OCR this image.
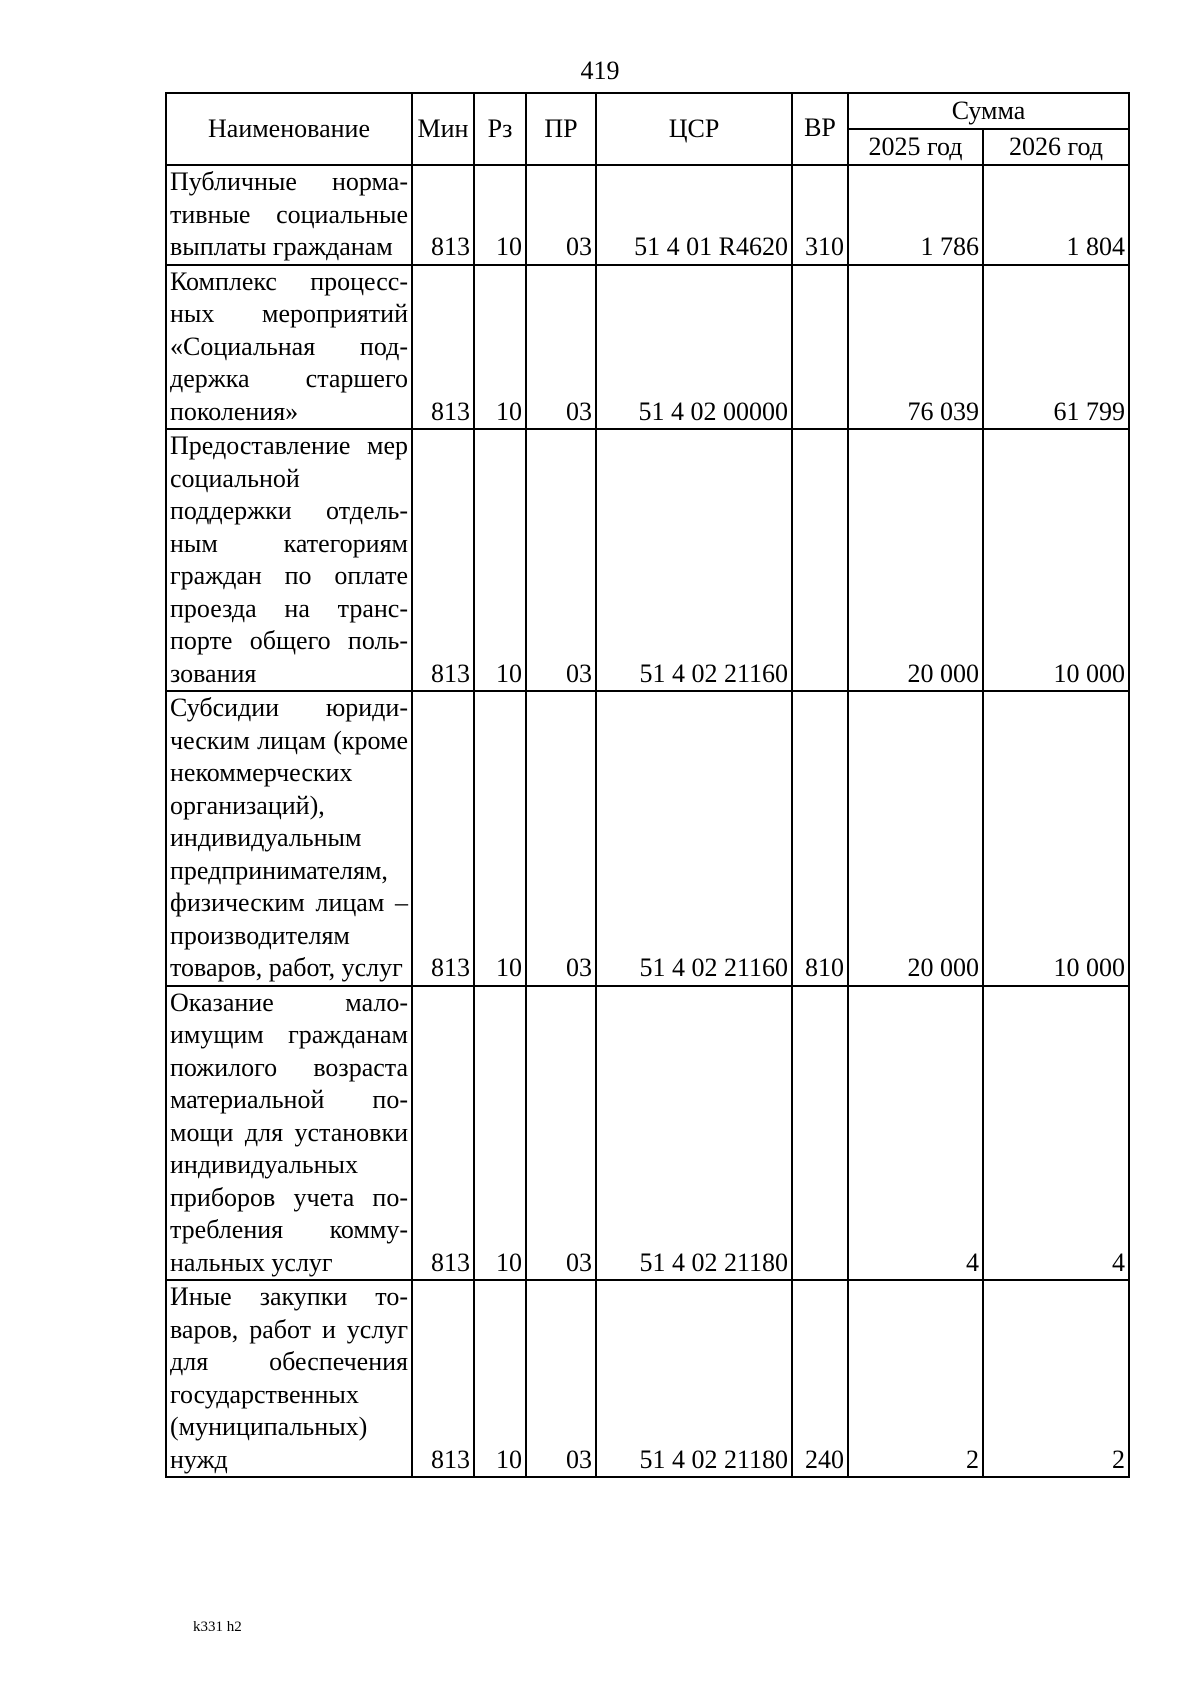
419
Наименование	Мин	Рз	ПР	ЦСР	ВР	Сумма	
						2025 год	2026 год
Публичные нормативные социальные выплаты граждaнам	813	10	03	51 4 01 R4620	310	1 786	1 804
Комплекс процессных мероприятий «Социальная поддержка старшего поколения»	813	10	03	51 4 02 00000		76 039	61 799
Предоставление мер социальной поддержки отдельным категориям граждан по оплате проезда на транспорте общего пользования	813	10	03	51 4 02 21160		20 000	10 000
Субсидии юридическим лицам (кроме некоммерческих организаций), индивидуальным предпринимателям, физическим лицам – производителям товаров, работ, услуг	813	10	03	51 4 02 21160	810	20 000	10 000
Оказание малоимущим гражданам пожилого возраста материальной помощи для установки индивидуальных приборов учета потребления коммунальных услуг	813	10	03	51 4 02 21180		4	4
Иные закупки товаров, работ и услуг для обеспечения государственных (муниципальных) нужд	813	10	03	51 4 02 21180	240	2	2
k331 h2
